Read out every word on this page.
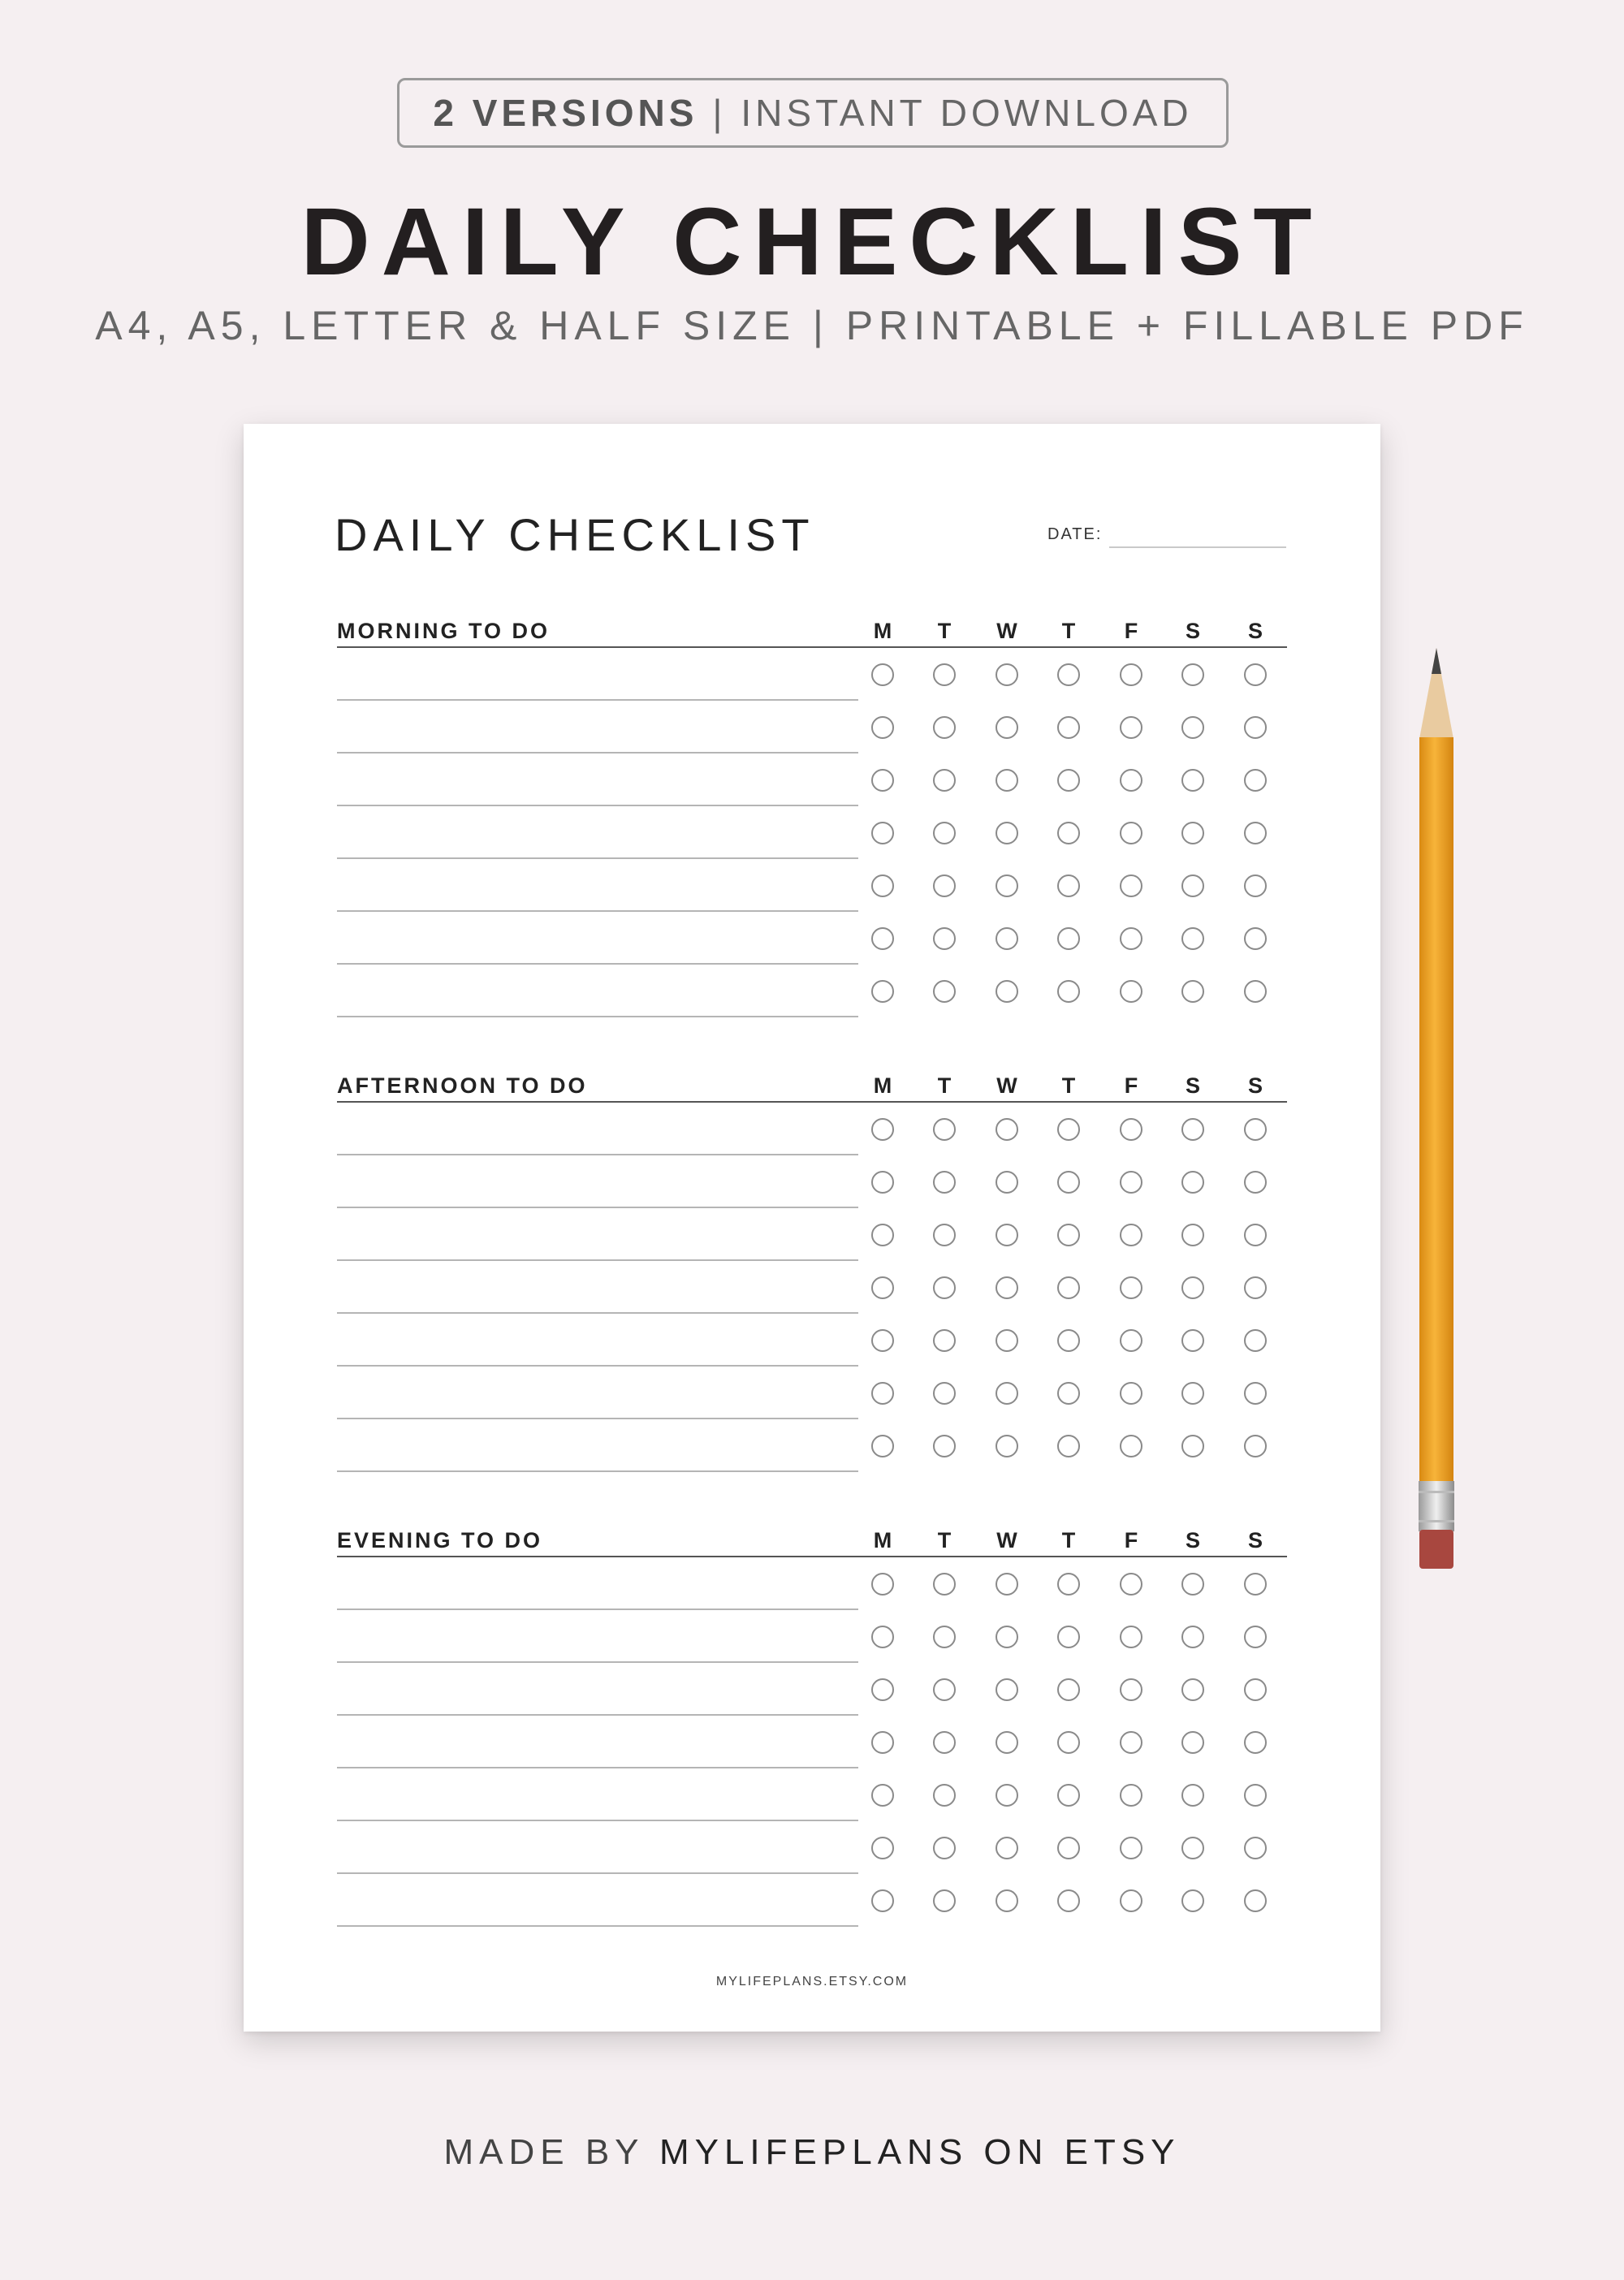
2 VERSIONS | INSTANT DOWNLOAD
DAILY CHECKLIST
A4, A5, LETTER & HALF SIZE | PRINTABLE + FILLABLE PDF
DAILY CHECKLIST	DATE:
MYLIFEPLANS.ETSY.COM
MORNING TO DO	M	T	W	T	F	S	S
AFTERNOON TO DO	M	T	W	T	F	S	S
EVENING TO DO	M	T	W	T	F	S	S
MADE BY MYLIFEPLANS ON ETSY
